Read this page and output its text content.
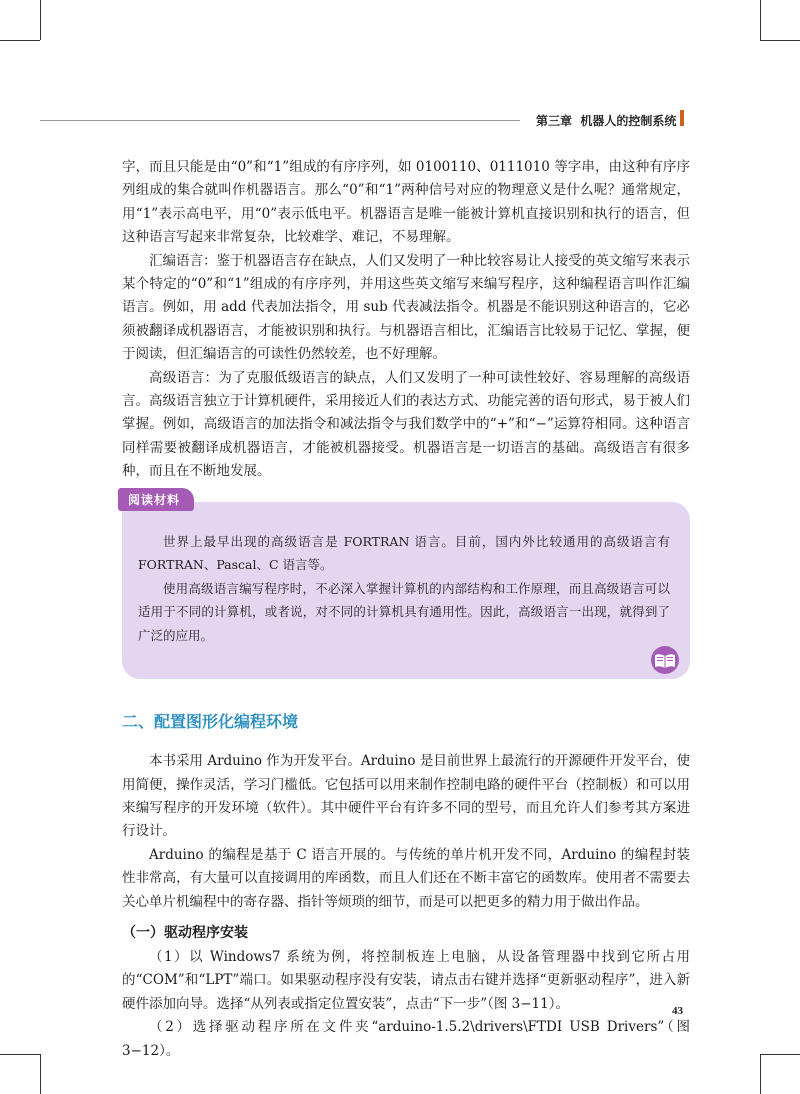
第三章 机器人的控制系统

字，而且只能是由“0”和“1”组成的有序序列，如 0100110、0111010 等字串，由这种有序序列组成的集合就叫作机器语言。那么“0”和“1”两种信号对应的物理意义是什么呢？通常规定，用“1”表示高电平，用“0”表示低电平。机器语言是唯一能被计算机直接识别和执行的语言，但这种语言写起来非常复杂，比较难学、难记，不易理解。

汇编语言：鉴于机器语言存在缺点，人们又发明了一种比较容易让人接受的英文缩写来表示某个特定的“0”和“1”组成的有序序列，并用这些英文缩写来编写程序，这种编程语言叫作汇编语言。例如，用 add 代表加法指令，用 sub 代表减法指令。机器是不能识别这种语言的，它必须被翻译成机器语言，才能被识别和执行。与机器语言相比，汇编语言比较易于记忆、掌握，便于阅读，但汇编语言的可读性仍然较差，也不好理解。

高级语言：为了克服低级语言的缺点，人们又发明了一种可读性较好、容易理解的高级语言。高级语言独立于计算机硬件，采用接近人们的表达方式、功能完善的语句形式，易于被人们掌握。例如，高级语言的加法指令和减法指令与我们数学中的“+”和“−”运算符相同。这种语言同样需要被翻译成机器语言，才能被机器接受。机器语言是一切语言的基础。高级语言有很多种，而且在不断地发展。

阅读材料

世界上最早出现的高级语言是 FORTRAN 语言。目前，国内外比较通用的高级语言有 FORTRAN、Pascal、C 语言等。

使用高级语言编写程序时，不必深入掌握计算机的内部结构和工作原理，而且高级语言可以适用于不同的计算机，或者说，对不同的计算机具有通用性。因此，高级语言一出现，就得到了广泛的应用。

二、配置图形化编程环境

本书采用 Arduino 作为开发平台。Arduino 是目前世界上最流行的开源硬件开发平台，使用简便，操作灵活，学习门槛低。它包括可以用来制作控制电路的硬件平台（控制板）和可以用来编写程序的开发环境（软件）。其中硬件平台有许多不同的型号，而且允许人们参考其方案进行设计。

Arduino 的编程是基于 C 语言开展的。与传统的单片机开发不同，Arduino 的编程封装性非常高，有大量可以直接调用的库函数，而且人们还在不断丰富它的函数库。使用者不需要去关心单片机编程中的寄存器、指针等烦琐的细节，而是可以把更多的精力用于做出作品。

（一）驱动程序安装

（1）以 Windows7 系统为例，将控制板连上电脑，从设备管理器中找到它所占用的“COM”和“LPT”端口。如果驱动程序没有安装，请点击右键并选择“更新驱动程序”，进入新硬件添加向导。选择“从列表或指定位置安装”，点击“下一步”（图 3−11）。

（2）选择驱动程序所在文件夹“arduino-1.5.2\drivers\FTDI USB Drivers”（图 3−12）。

43
